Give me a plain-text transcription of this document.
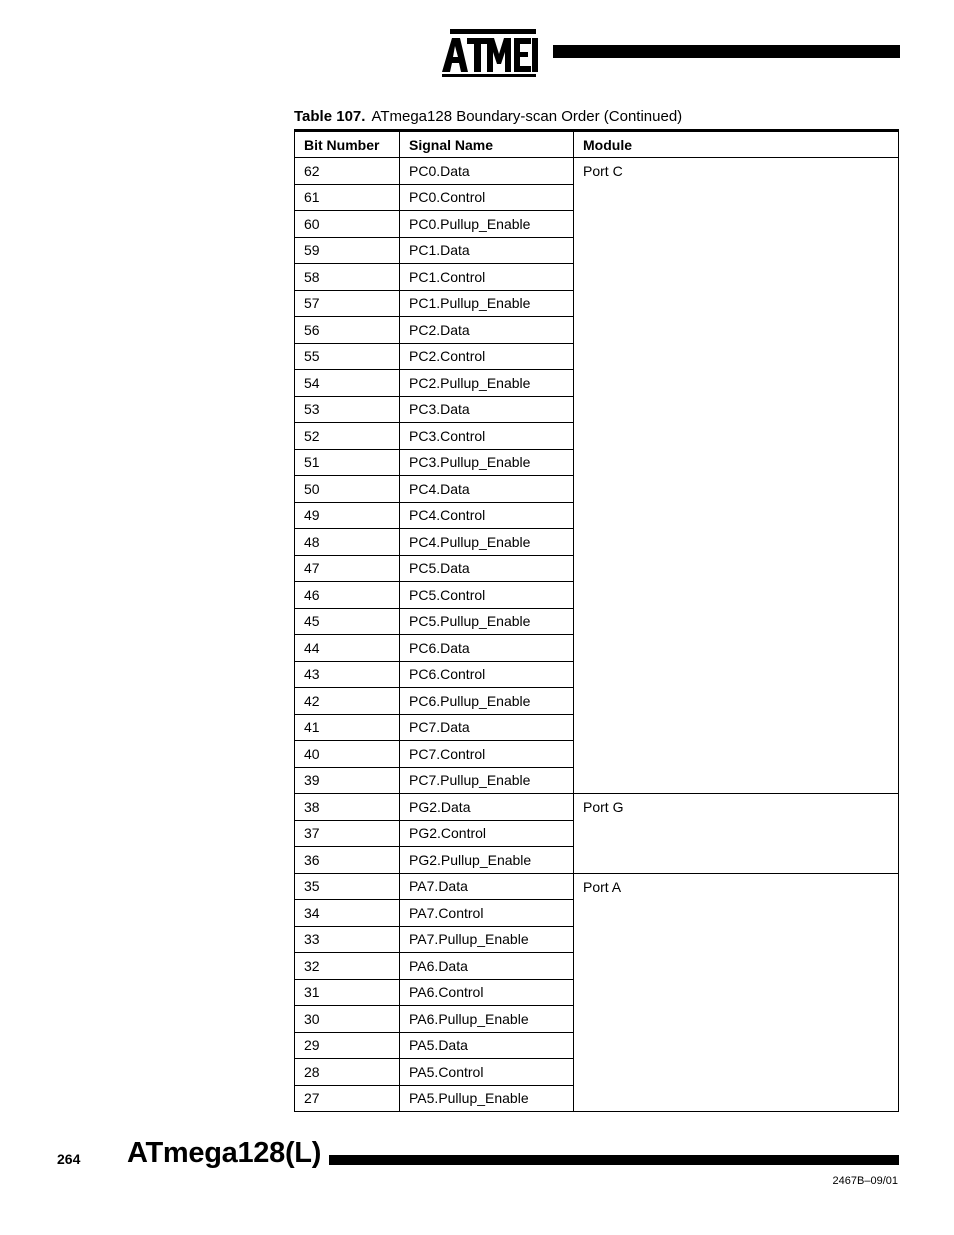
Table 107. ATmega128 Boundary-scan Order (Continued)
Bit Number	Signal Name	Module
62	PC0.Data	Port C
61	PC0.Control	
60	PC0.Pullup_Enable	
59	PC1.Data	
58	PC1.Control	
57	PC1.Pullup_Enable	
56	PC2.Data	
55	PC2.Control	
54	PC2.Pullup_Enable	
53	PC3.Data	
52	PC3.Control	
51	PC3.Pullup_Enable	
50	PC4.Data	
49	PC4.Control	
48	PC4.Pullup_Enable	
47	PC5.Data	
46	PC5.Control	
45	PC5.Pullup_Enable	
44	PC6.Data	
43	PC6.Control	
42	PC6.Pullup_Enable	
41	PC7.Data	
40	PC7.Control	
39	PC7.Pullup_Enable	
38	PG2.Data	Port G
37	PG2.Control	
36	PG2.Pullup_Enable	
35	PA7.Data	Port A
34	PA7.Control	
33	PA7.Pullup_Enable	
32	PA6.Data	
31	PA6.Control	
30	PA6.Pullup_Enable	
29	PA5.Data	
28	PA5.Control	
27	PA5.Pullup_Enable	
264 ATmega128(L)
2467B–09/01
